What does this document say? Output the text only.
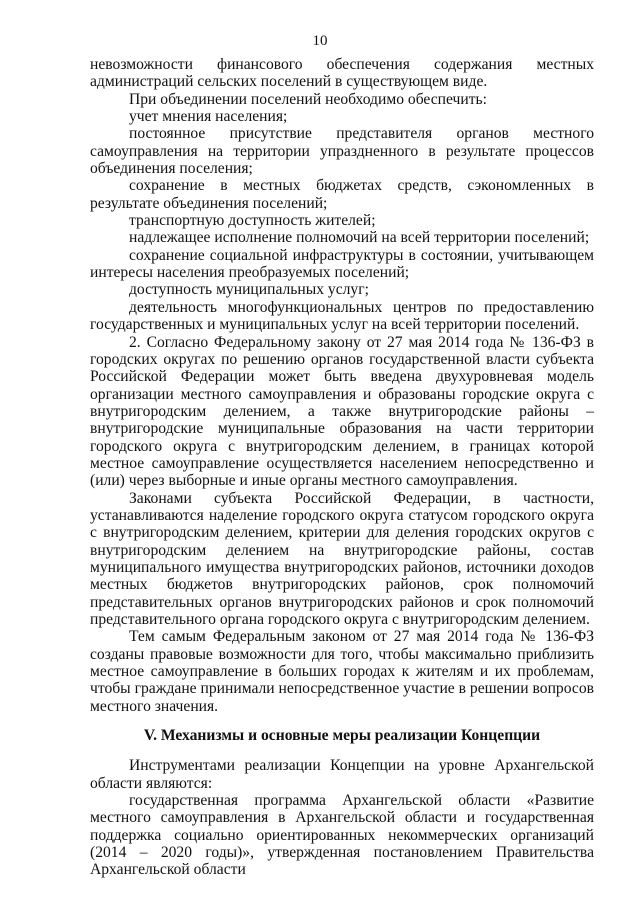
10

невозможности финансового обеспечения содержания местных администраций сельских поселений в существующем виде.

При объединении поселений необходимо обеспечить:

учет мнения населения;

постоянное присутствие представителя органов местного самоуправления на территории упраздненного в результате процессов объединения поселения;

сохранение в местных бюджетах средств, сэкономленных в результате объединения поселений;

транспортную доступность жителей;

надлежащее исполнение полномочий на всей территории поселений;

сохранение социальной инфраструктуры в состоянии, учитывающем интересы населения преобразуемых поселений;

доступность муниципальных услуг;

деятельность многофункциональных центров по предоставлению государственных и муниципальных услуг на всей территории поселений.

2. Согласно Федеральному закону от 27 мая 2014 года № 136-ФЗ в городских округах по решению органов государственной власти субъекта Российской Федерации может быть введена двухуровневая модель организации местного самоуправления и образованы городские округа с внутригородским делением, а также внутригородские районы – внутригородские муниципальные образования на части территории городского округа с внутригородским делением, в границах которой местное самоуправление осуществляется населением непосредственно и (или) через выборные и иные органы местного самоуправления.

Законами субъекта Российской Федерации, в частности, устанавливаются наделение городского округа статусом городского округа с внутригородским делением, критерии для деления городских округов с внутригородским делением на внутригородские районы, состав муниципального имущества внутригородских районов, источники доходов местных бюджетов внутригородских районов, срок полномочий представительных органов внутригородских районов и срок полномочий представительного органа городского округа с внутригородским делением.

Тем самым Федеральным законом от 27 мая 2014 года № 136-ФЗ созданы правовые возможности для того, чтобы максимально приблизить местное самоуправление в больших городах к жителям и их проблемам, чтобы граждане принимали непосредственное участие в решении вопросов местного значения.

V. Механизмы и основные меры реализации Концепции

Инструментами реализации Концепции на уровне Архангельской области являются:

государственная программа Архангельской области «Развитие местного самоуправления в Архангельской области и государственная поддержка социально ориентированных некоммерческих организаций (2014 – 2020 годы)», утвержденная постановлением Правительства Архангельской области
